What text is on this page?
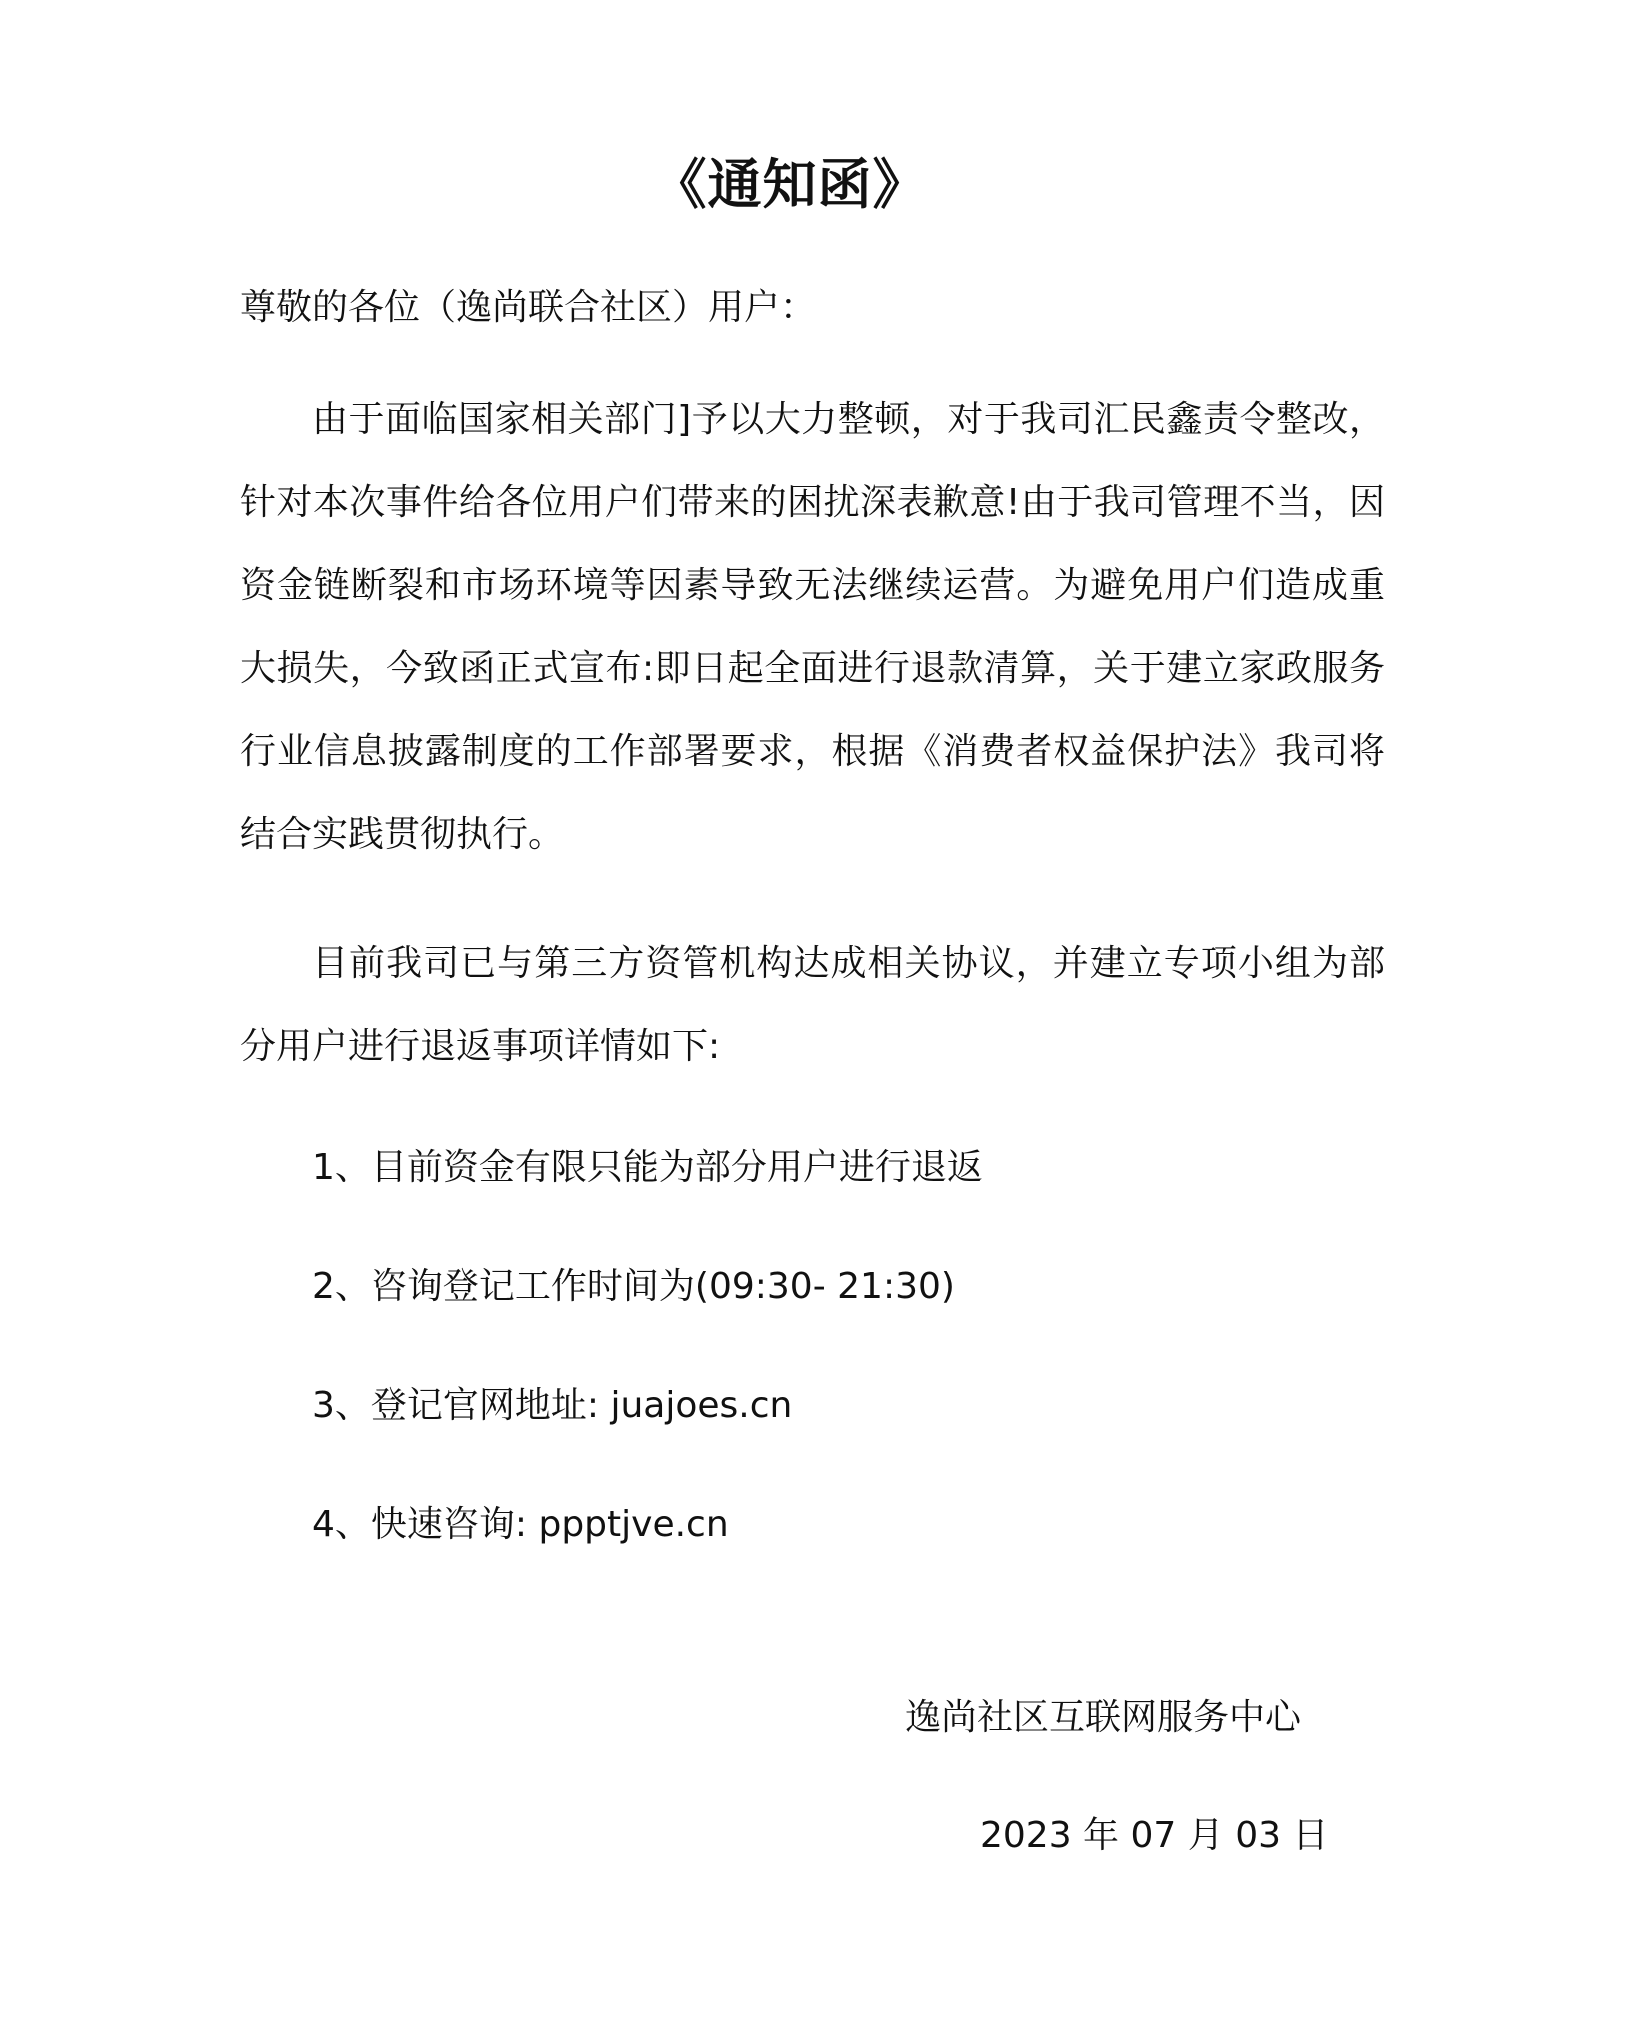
《通知函》
尊敬的各位（逸尚联合社区）用户：

由于面临国家相关部门]予以大力整顿，对于我司汇民鑫责令整改，针对本次事件给各位用户们带来的困扰深表歉意!由于我司管理不当，因资金链断裂和市场环境等因素导致无法继续运营。为避免用户们造成重大损失，今致函正式宣布:即日起全面进行退款清算，关于建立家政服务行业信息披露制度的工作部署要求，根据《消费者权益保护法》我司将结合实践贯彻执行。

目前我司已与第三方资管机构达成相关协议，并建立专项小组为部分用户进行退返事项详情如下:

1、目前资金有限只能为部分用户进行退返
2、咨询登记工作时间为(09:30- 21:30)
3、登记官网地址: juajoes.cn
4、快速咨询: ppptjve.cn
逸尚社区互联网服务中心
2023 年 07 月 03 日
